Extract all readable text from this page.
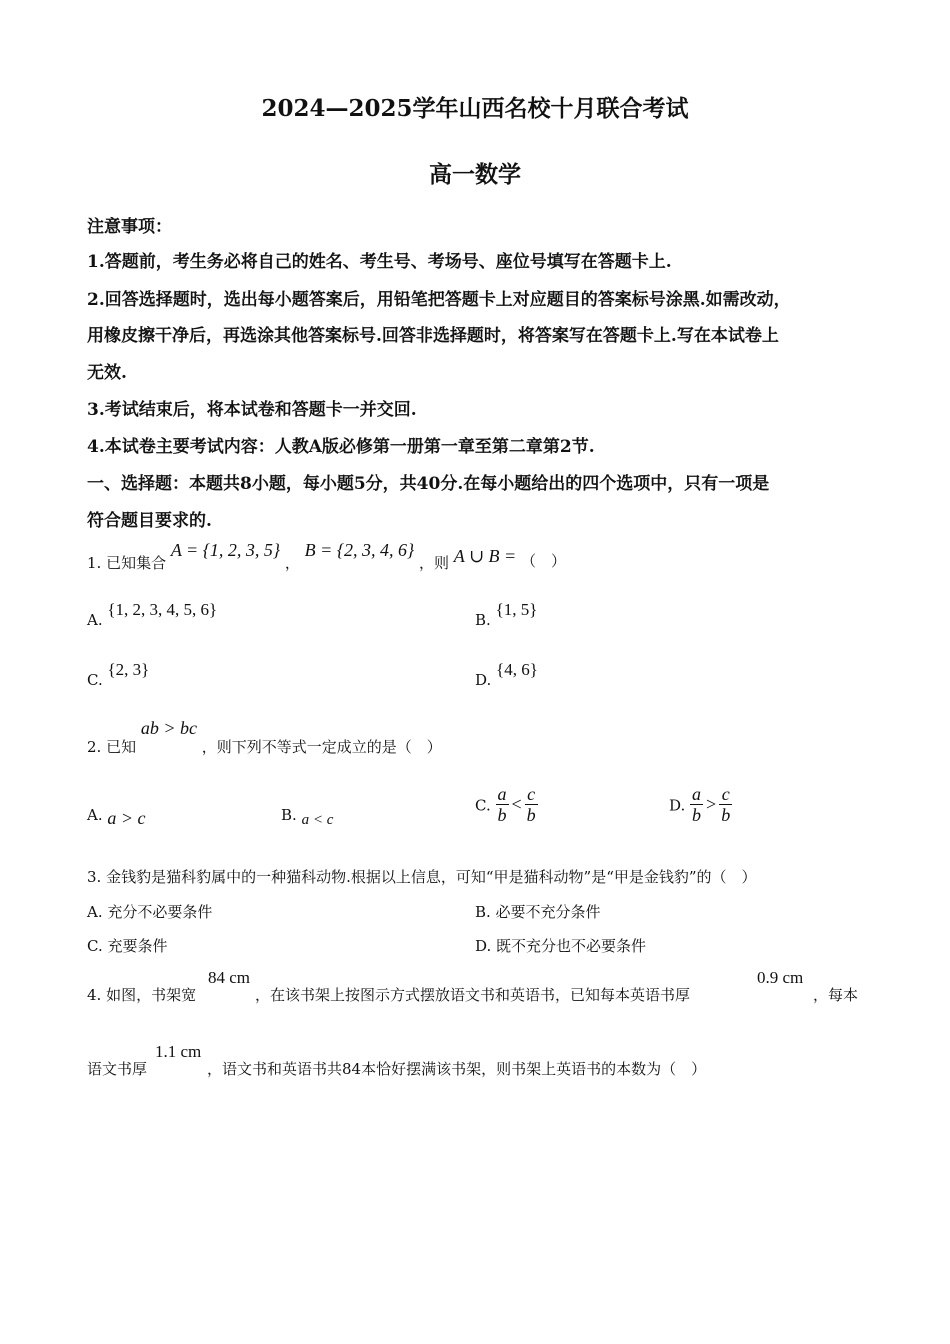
2024—2025学年山西名校十月联合考试
高一数学
注意事项：
1.答题前，考生务必将自己的姓名、考生号、考场号、座位号填写在答题卡上.
2.回答选择题时，选出每小题答案后，用铅笔把答题卡上对应题目的答案标号涂黑.如需改动，
用橡皮擦干净后，再选涂其他答案标号.回答非选择题时，将答案写在答题卡上.写在本试卷上
无效.
3.考试结束后，将本试卷和答题卡一并交回.
4.本试卷主要考试内容：人教A版必修第一册第一章至第二章第2节.
一、选择题：本题共8小题，每小题5分，共40分.在每小题给出的四个选项中，只有一项是
符合题目要求的.
1. 已知集合 A = {1, 2, 3, 5} ， B = {2, 3, 4, 6} ，则 A ∪ B = （　）
A. {1, 2, 3, 4, 5, 6}
B. {1, 5}
C. {2, 3}
D. {4, 6}
2. 已知 ab > bc ，则下列不等式一定成立的是（　）
A. a > c	B. a < c
C. $\frac{a}{b} < \frac{c}{b}$	D. $\frac{a}{b} > \frac{c}{b}$
3. 金钱豹是猫科豹属中的一种猫科动物.根据以上信息，可知“甲是猫科动物”是“甲是金钱豹”的（　）
A. 充分不必要条件	B. 必要不充分条件
C. 充要条件	D. 既不充分也不必要条件
4. 如图，书架宽
84 cm
，在该书架上按图示方式摆放语文书和英语书，已知每本英语书厚
0.9 cm
，每本
语文书厚
1.1 cm
，语文书和英语书共84本恰好摆满该书架，则书架上英语书的本数为（　）
